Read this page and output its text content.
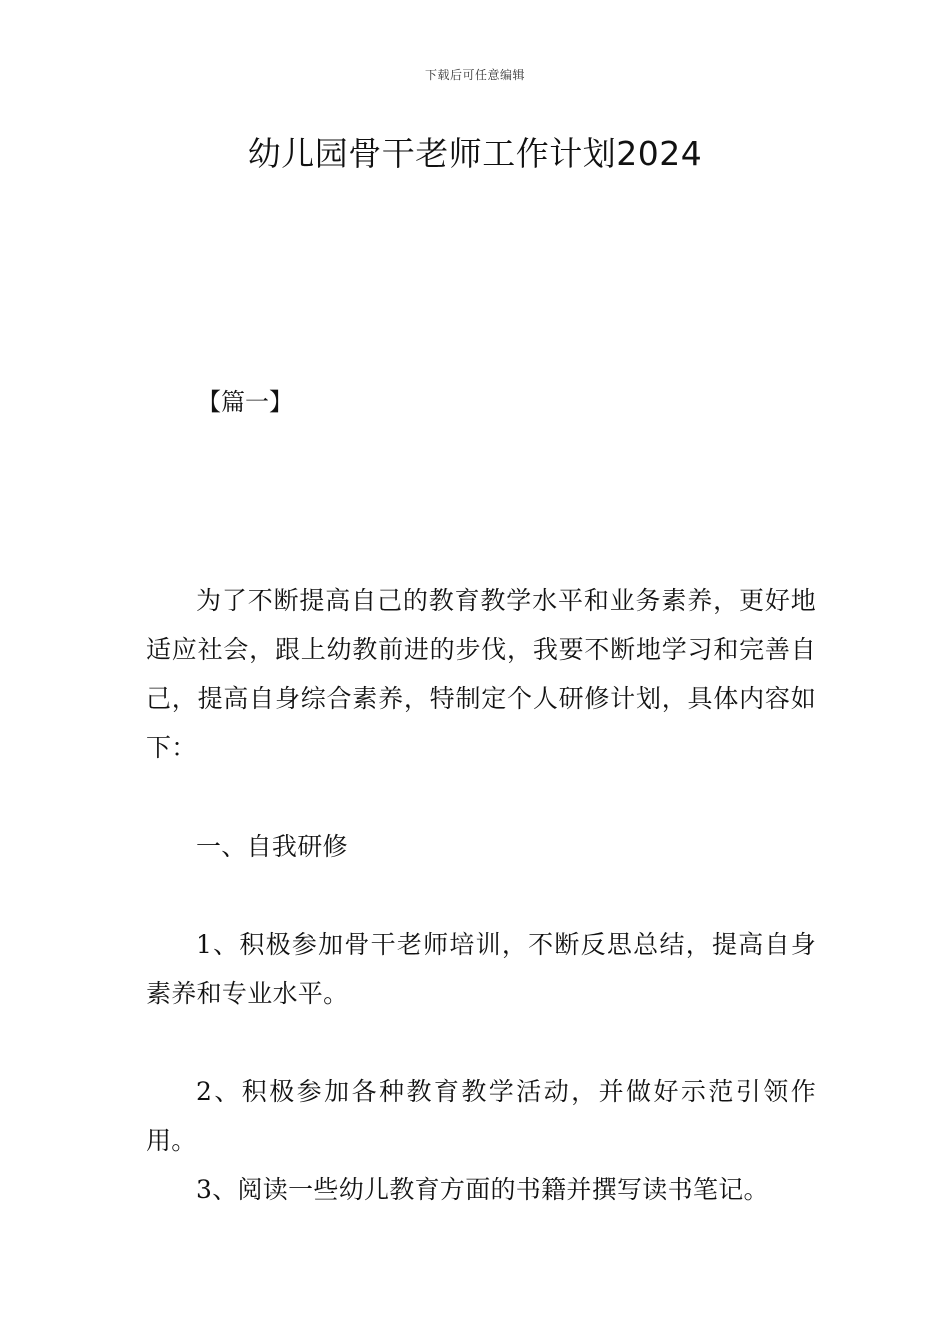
下载后可任意编辑
幼儿园骨干老师工作计划2024
【篇一】
为了不断提高自己的教育教学水平和业务素养，更好地适应社会，跟上幼教前进的步伐，我要不断地学习和完善自己，提高自身综合素养，特制定个人研修计划，具体内容如下：
一、自我研修
1、积极参加骨干老师培训，不断反思总结，提高自身素养和专业水平。
2、积极参加各种教育教学活动，并做好示范引领作用。
3、阅读一些幼儿教育方面的书籍并撰写读书笔记。
